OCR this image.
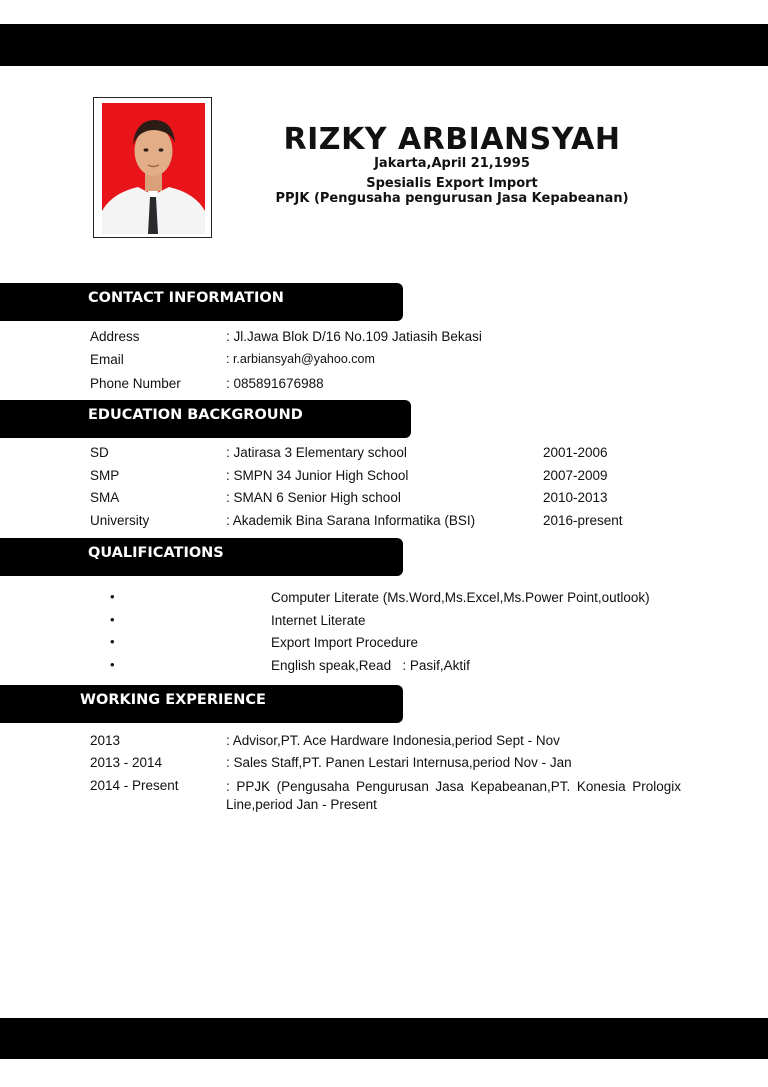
RIZKY ARBIANSYAH
Jakarta,April 21,1995
Spesialis Export Import
PPJK (Pengusaha pengurusan Jasa Kepabeanan)
CONTACT INFORMATION
Address	: Jl.Jawa Blok D/16 No.109 Jatiasih Bekasi
Email	: r.arbiansyah@yahoo.com
Phone Number	: 085891676988
EDUCATION BACKGROUND
SD	: Jatirasa 3 Elementary school	2001-2006
SMP	: SMPN 34 Junior High School	2007-2009
SMA	: SMAN 6 Senior High school	2010-2013
University	: Akademik Bina Sarana Informatika (BSI)	2016-present
QUALIFICATIONS
•	Computer Literate (Ms.Word,Ms.Excel,Ms.Power Point,outlook)
•	Internet Literate
•	Export Import Procedure
•	English speak,Read   : Pasif,Aktif
WORKING EXPERIENCE
2013	: Advisor,PT. Ace Hardware Indonesia,period Sept - Nov
2013 - 2014	: Sales Staff,PT. Panen Lestari Internusa,period Nov - Jan
2014 - Present	: PPJK (Pengusaha Pengurusan Jasa Kepabeanan,PT. Konesia Prologix Line,period Jan - Present
